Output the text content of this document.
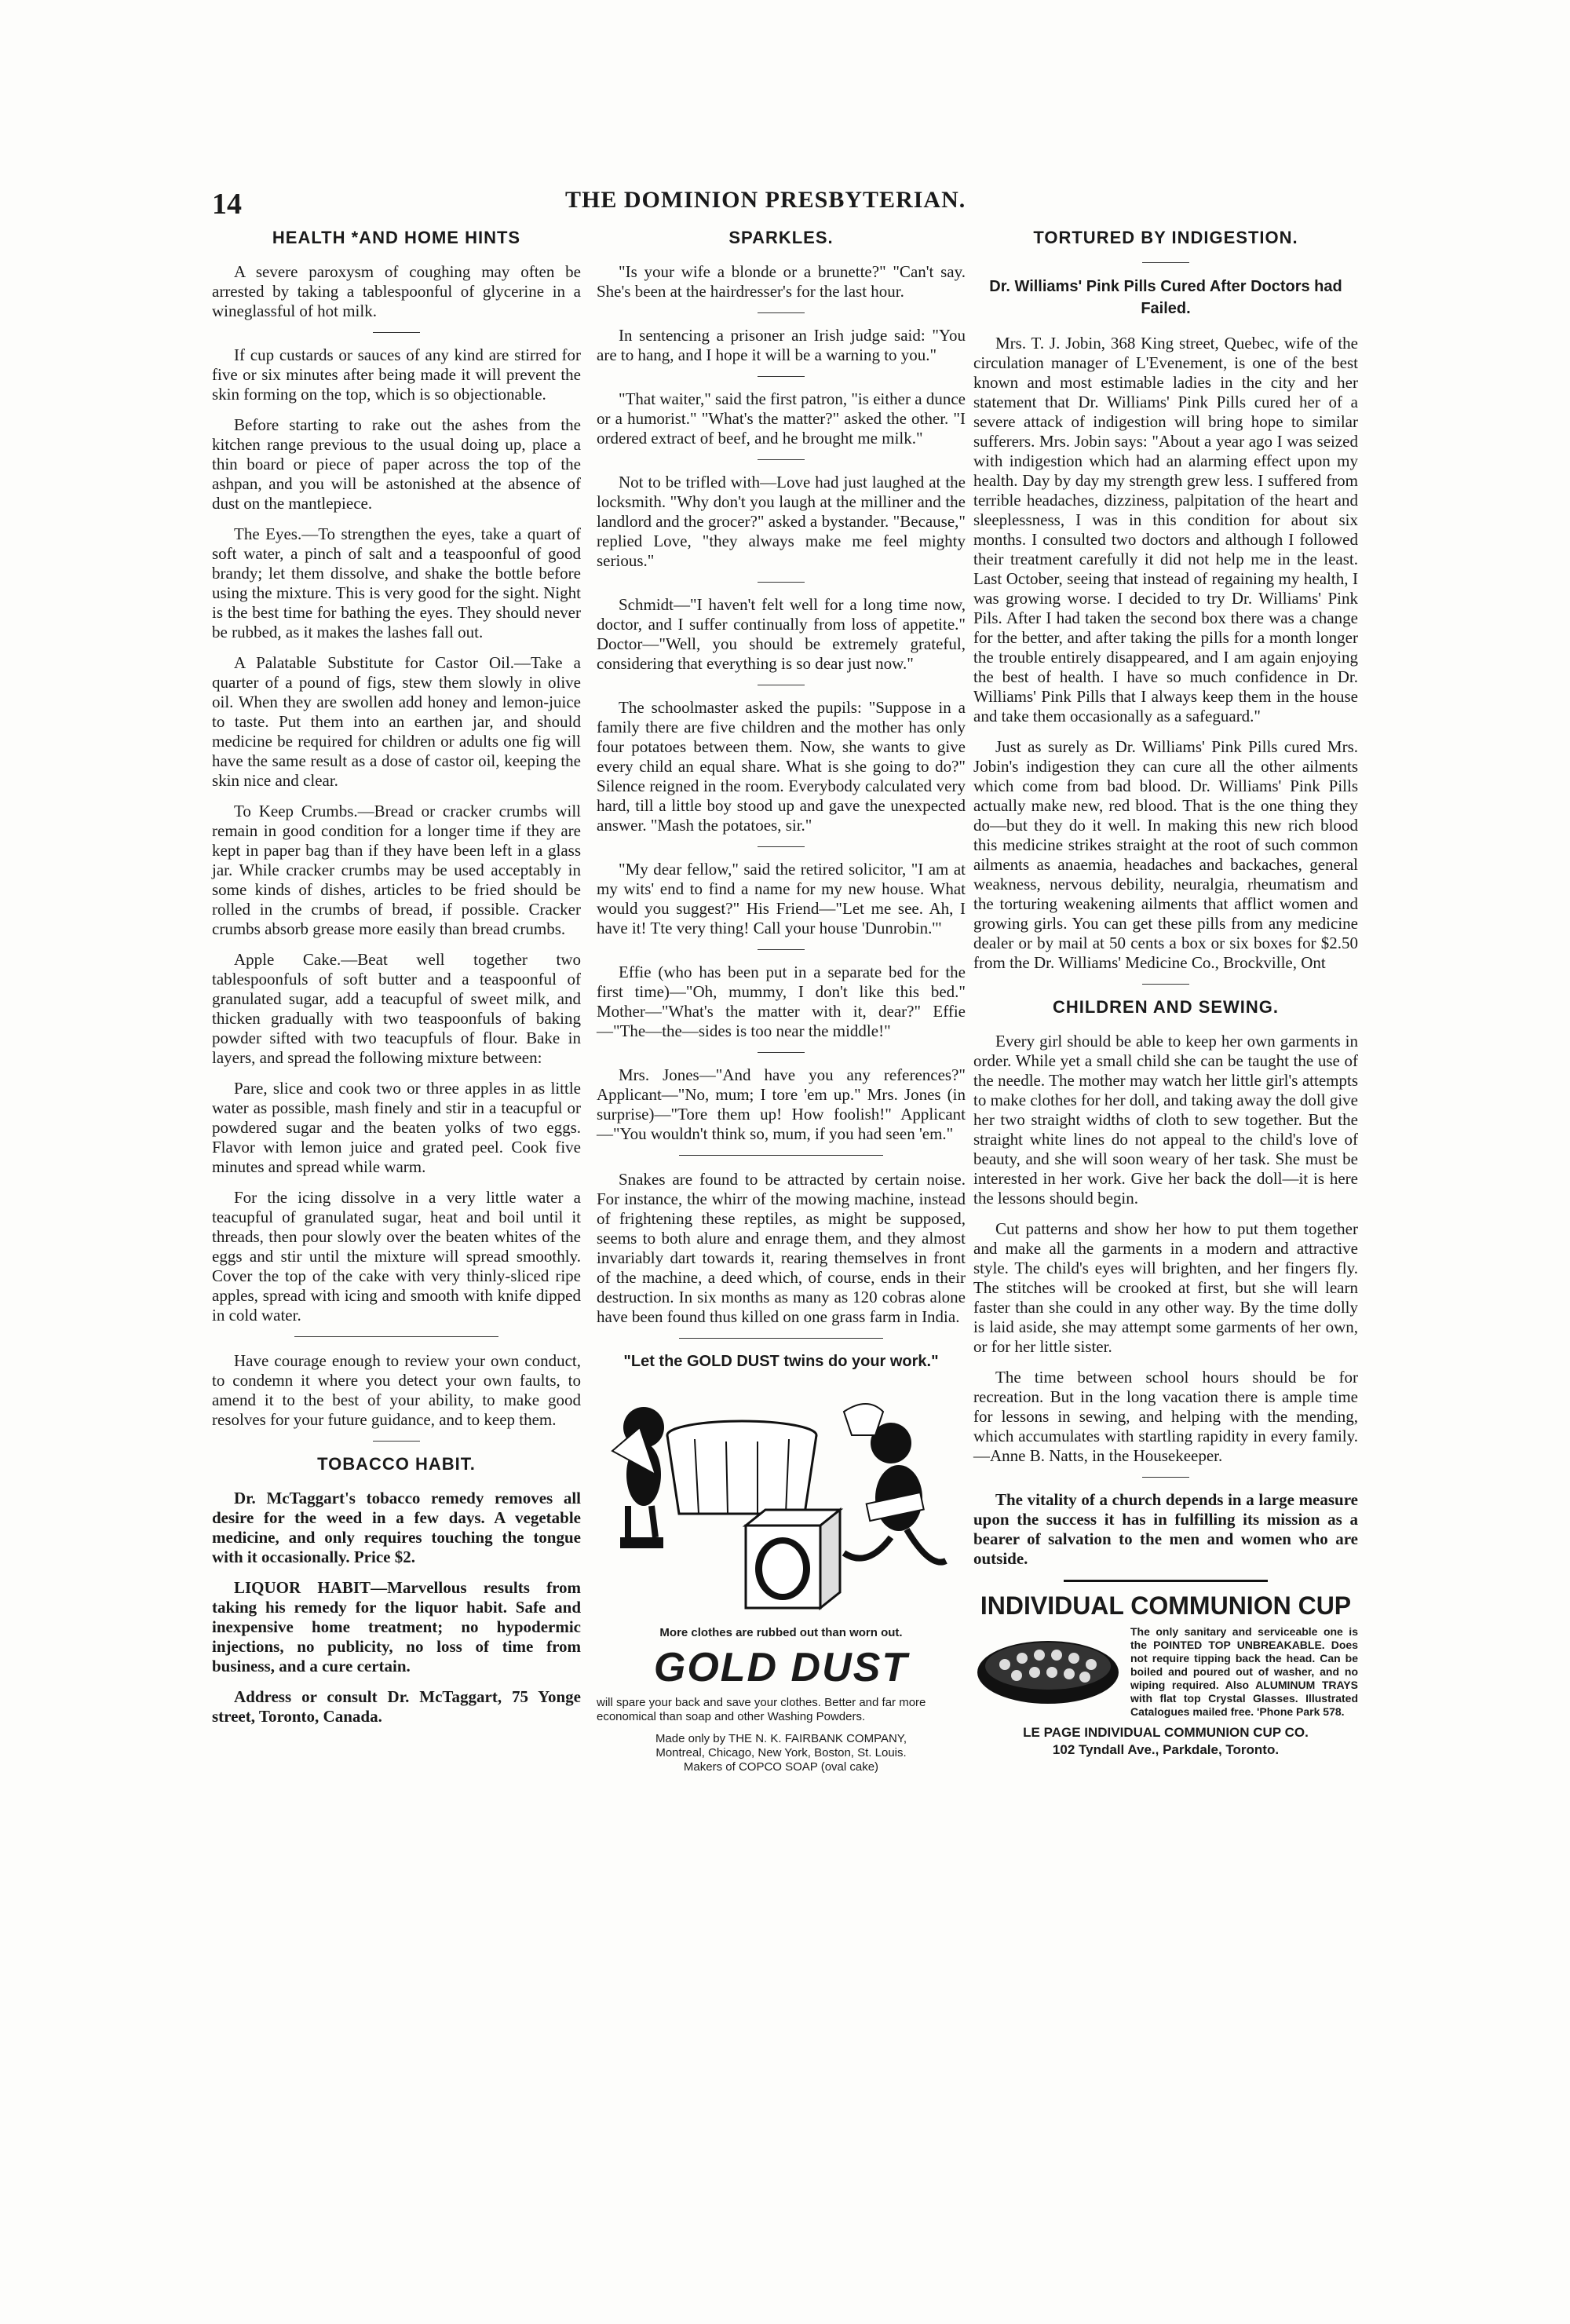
14	THE DOMINION PRESBYTERIAN.
HEALTH *AND HOME HINTS

A severe paroxysm of coughing may often be arrested by taking a tablespoonful of glycerine in a wineglassful of hot milk.

If cup custards or sauces of any kind are stirred for five or six minutes after being made it will prevent the skin forming on the top, which is so objectionable.

Before starting to rake out the ashes from the kitchen range previous to the usual doing up, place a thin board or piece of paper across the top of the ashpan, and you will be astonished at the absence of dust on the mantlepiece.

The Eyes.—To strengthen the eyes, take a quart of soft water, a pinch of salt and a teaspoonful of good brandy; let them dissolve, and shake the bottle before using the mixture. This is very good for the sight. Night is the best time for bathing the eyes. They should never be rubbed, as it makes the lashes fall out.

A Palatable Substitute for Castor Oil.—Take a quarter of a pound of figs, stew them slowly in olive oil. When they are swollen add honey and lemon-juice to taste. Put them into an earthen jar, and should medicine be required for children or adults one fig will have the same result as a dose of castor oil, keeping the skin nice and clear.

To Keep Crumbs.—Bread or cracker crumbs will remain in good condition for a longer time if they are kept in paper bag than if they have been left in a glass jar. While cracker crumbs may be used acceptably in some kinds of dishes, articles to be fried should be rolled in the crumbs of bread, if possible. Cracker crumbs absorb grease more easily than bread crumbs.

Apple Cake.—Beat well together two tablespoonfuls of soft butter and a teaspoonful of granulated sugar, add a teacupful of sweet milk, and thicken gradually with two teaspoonfuls of baking powder sifted with two teacupfuls of flour. Bake in layers, and spread the following mixture between:

Pare, slice and cook two or three apples in as little water as possible, mash finely and stir in a teacupful or powdered sugar and the beaten yolks of two eggs. Flavor with lemon juice and grated peel. Cook five minutes and spread while warm.

For the icing dissolve in a very little water a teacupful of granulated sugar, heat and boil until it threads, then pour slowly over the beaten whites of the eggs and stir until the mixture will spread smoothly. Cover the top of the cake with very thinly-sliced ripe apples, spread with icing and smooth with knife dipped in cold water.

Have courage enough to review your own conduct, to condemn it where you detect your own faults, to amend it to the best of your ability, to make good resolves for your future guidance, and to keep them.

TOBACCO HABIT.

Dr. McTaggart's tobacco remedy removes all desire for the weed in a few days. A vegetable medicine, and only requires touching the tongue with it occasionally. Price $2.

LIQUOR HABIT—Marvellous results from taking his remedy for the liquor habit. Safe and inexpensive home treatment; no hypodermic injections, no publicity, no loss of time from business, and a cure certain.

Address or consult Dr. McTaggart, 75 Yonge street, Toronto, Canada.

SPARKLES.

"Is your wife a blonde or a brunette?" "Can't say. She's been at the hairdresser's for the last hour.

In sentencing a prisoner an Irish judge said: "You are to hang, and I hope it will be a warning to you."

"That waiter," said the first patron, "is either a dunce or a humorist." "What's the matter?" asked the other. "I ordered extract of beef, and he brought me milk."

Not to be trifled with—Love had just laughed at the locksmith. "Why don't you laugh at the milliner and the landlord and the grocer?" asked a bystander. "Because," replied Love, "they always make me feel mighty serious."

Schmidt—"I haven't felt well for a long time now, doctor, and I suffer continually from loss of appetite." Doctor—"Well, you should be extremely grateful, considering that everything is so dear just now."

The schoolmaster asked the pupils: "Suppose in a family there are five children and the mother has only four potatoes between them. Now, she wants to give every child an equal share. What is she going to do?" Silence reigned in the room. Everybody calculated very hard, till a little boy stood up and gave the unexpected answer. "Mash the potatoes, sir."

"My dear fellow," said the retired solicitor, "I am at my wits' end to find a name for my new house. What would you suggest?" His Friend—"Let me see. Ah, I have it! Tte very thing! Call your house 'Dunrobin.'"

Effie (who has been put in a separate bed for the first time)—"Oh, mummy, I don't like this bed." Mother—"What's the matter with it, dear?" Effie—"The—the—sides is too near the middle!"

Mrs. Jones—"And have you any references?" Applicant—"No, mum; I tore 'em up." Mrs. Jones (in surprise)—"Tore them up! How foolish!" Applicant—"You wouldn't think so, mum, if you had seen 'em."

Snakes are found to be attracted by certain noise. For instance, the whirr of the mowing machine, instead of frightening these reptiles, as might be supposed, seems to both alure and enrage them, and they almost invariably dart towards it, rearing themselves in front of the machine, a deed which, of course, ends in their destruction. In six months as many as 120 cobras alone have been found thus killed on one grass farm in India.

"Let the GOLD DUST twins do your work."
More clothes are rubbed out than worn out.
GOLD DUST
will spare your back and save your clothes. Better and far more economical than soap and other Washing Powders.

Made only by THE N. K. FAIRBANK COMPANY,

Montreal, Chicago, New York, Boston, St. Louis.

Makers of COPCO SOAP (oval cake)

TORTURED BY INDIGESTION.
Dr. Williams' Pink Pills Cured After Doctors had Failed.

Mrs. T. J. Jobin, 368 King street, Quebec, wife of the circulation manager of L'Evenement, is one of the best known and most estimable ladies in the city and her statement that Dr. Williams' Pink Pills cured her of a severe attack of indigestion will bring hope to similar sufferers. Mrs. Jobin says: "About a year ago I was seized with indigestion which had an alarming effect upon my health. Day by day my strength grew less. I suffered from terrible headaches, dizziness, palpitation of the heart and sleeplessness, I was in this condition for about six months. I consulted two doctors and although I followed their treatment carefully it did not help me in the least. Last October, seeing that instead of regaining my health, I was growing worse. I decided to try Dr. Williams' Pink Pils. After I had taken the second box there was a change for the better, and after taking the pills for a month longer the trouble entirely disappeared, and I am again enjoying the best of health. I have so much confidence in Dr. Williams' Pink Pills that I always keep them in the house and take them occasionally as a safeguard."

Just as surely as Dr. Williams' Pink Pills cured Mrs. Jobin's indigestion they can cure all the other ailments which come from bad blood. Dr. Williams' Pink Pills actually make new, red blood. That is the one thing they do—but they do it well. In making this new rich blood this medicine strikes straight at the root of such common ailments as anaemia, headaches and backaches, general weakness, nervous debility, neuralgia, rheumatism and the torturing weakening ailments that afflict women and growing girls. You can get these pills from any medicine dealer or by mail at 50 cents a box or six boxes for $2.50 from the Dr. Williams' Medicine Co., Brockville, Ont

CHILDREN AND SEWING.

Every girl should be able to keep her own garments in order. While yet a small child she can be taught the use of the needle. The mother may watch her little girl's attempts to make clothes for her doll, and taking away the doll give her two straight widths of cloth to sew together. But the straight white lines do not appeal to the child's love of beauty, and she will soon weary of her task. She must be interested in her work. Give her back the doll—it is here the lessons should begin.

Cut patterns and show her how to put them together and make all the garments in a modern and attractive style. The child's eyes will brighten, and her fingers fly. The stitches will be crooked at first, but she will learn faster than she could in any other way. By the time dolly is laid aside, she may attempt some garments of her own, or for her little sister.

The time between school hours should be for recreation. But in the long vacation there is ample time for lessons in sewing, and helping with the mending, which accumulates with startling rapidity in every family.—Anne B. Natts, in the Housekeeper.

The vitality of a church depends in a large measure upon the success it has in fulfilling its mission as a bearer of salvation to the men and women who are outside.

INDIVIDUAL COMMUNION CUP
The only sanitary and serviceable one is the POINTED TOP UNBREAKABLE. Does not require tipping back the head. Can be boiled and poured out of washer, and no wiping required. Also ALUMINUM TRAYS with flat top Crystal Glasses. Illustrated Catalogues mailed free. 'Phone Park 578.
LE PAGE INDIVIDUAL COMMUNION CUP CO.
102 Tyndall Ave., Parkdale, Toronto.
